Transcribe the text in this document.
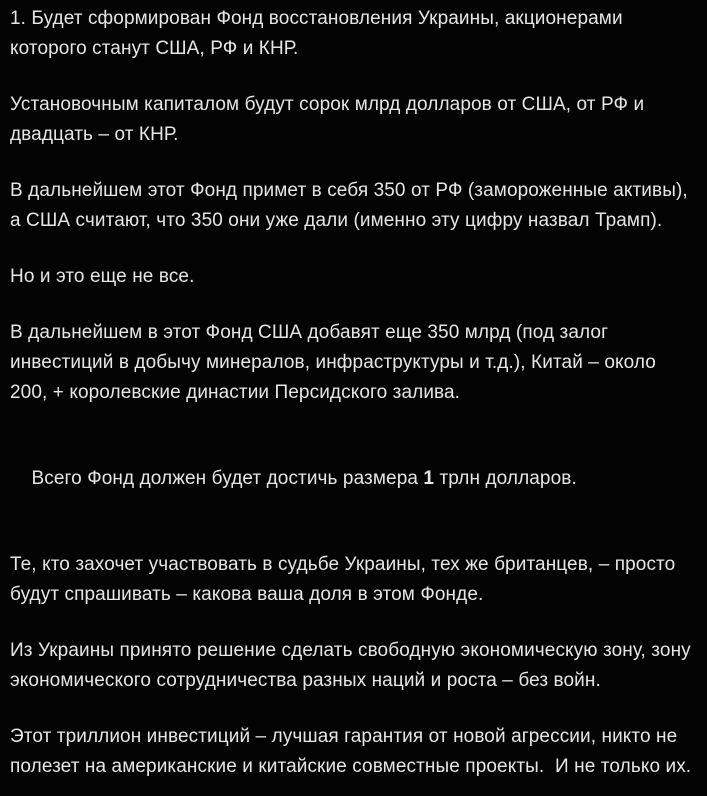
1. Будет сформирован Фонд восстановления Украины, акционерами которого станут США, РФ и КНР.

Установочным капиталом будут сорок млрд долларов от США, от РФ и двадцать – от КНР.

В дальнейшем этот Фонд примет в себя 350 от РФ (замороженные активы), а США считают, что 350 они уже дали (именно эту цифру назвал Трамп).

Но и это еще не все.

В дальнейшем в этот Фонд США добавят еще 350 млрд (под залог инвестиций в добычу минералов, инфраструктуры и т.д.), Китай – около 200, + королевские династии Персидского залива.

Всего Фонд должен будет достичь размера 1 трлн долларов.

Те, кто захочет участвовать в судьбе Украины, тех же британцев, – просто будут спрашивать – какова ваша доля в этом Фонде.

Из Украины принято решение сделать свободную экономическую зону, зону экономического сотрудничества разных наций и роста – без войн.

Этот триллион инвестиций – лучшая гарантия от новой агрессии, никто не полезет на американские и китайские совместные проекты.  И не только их.
